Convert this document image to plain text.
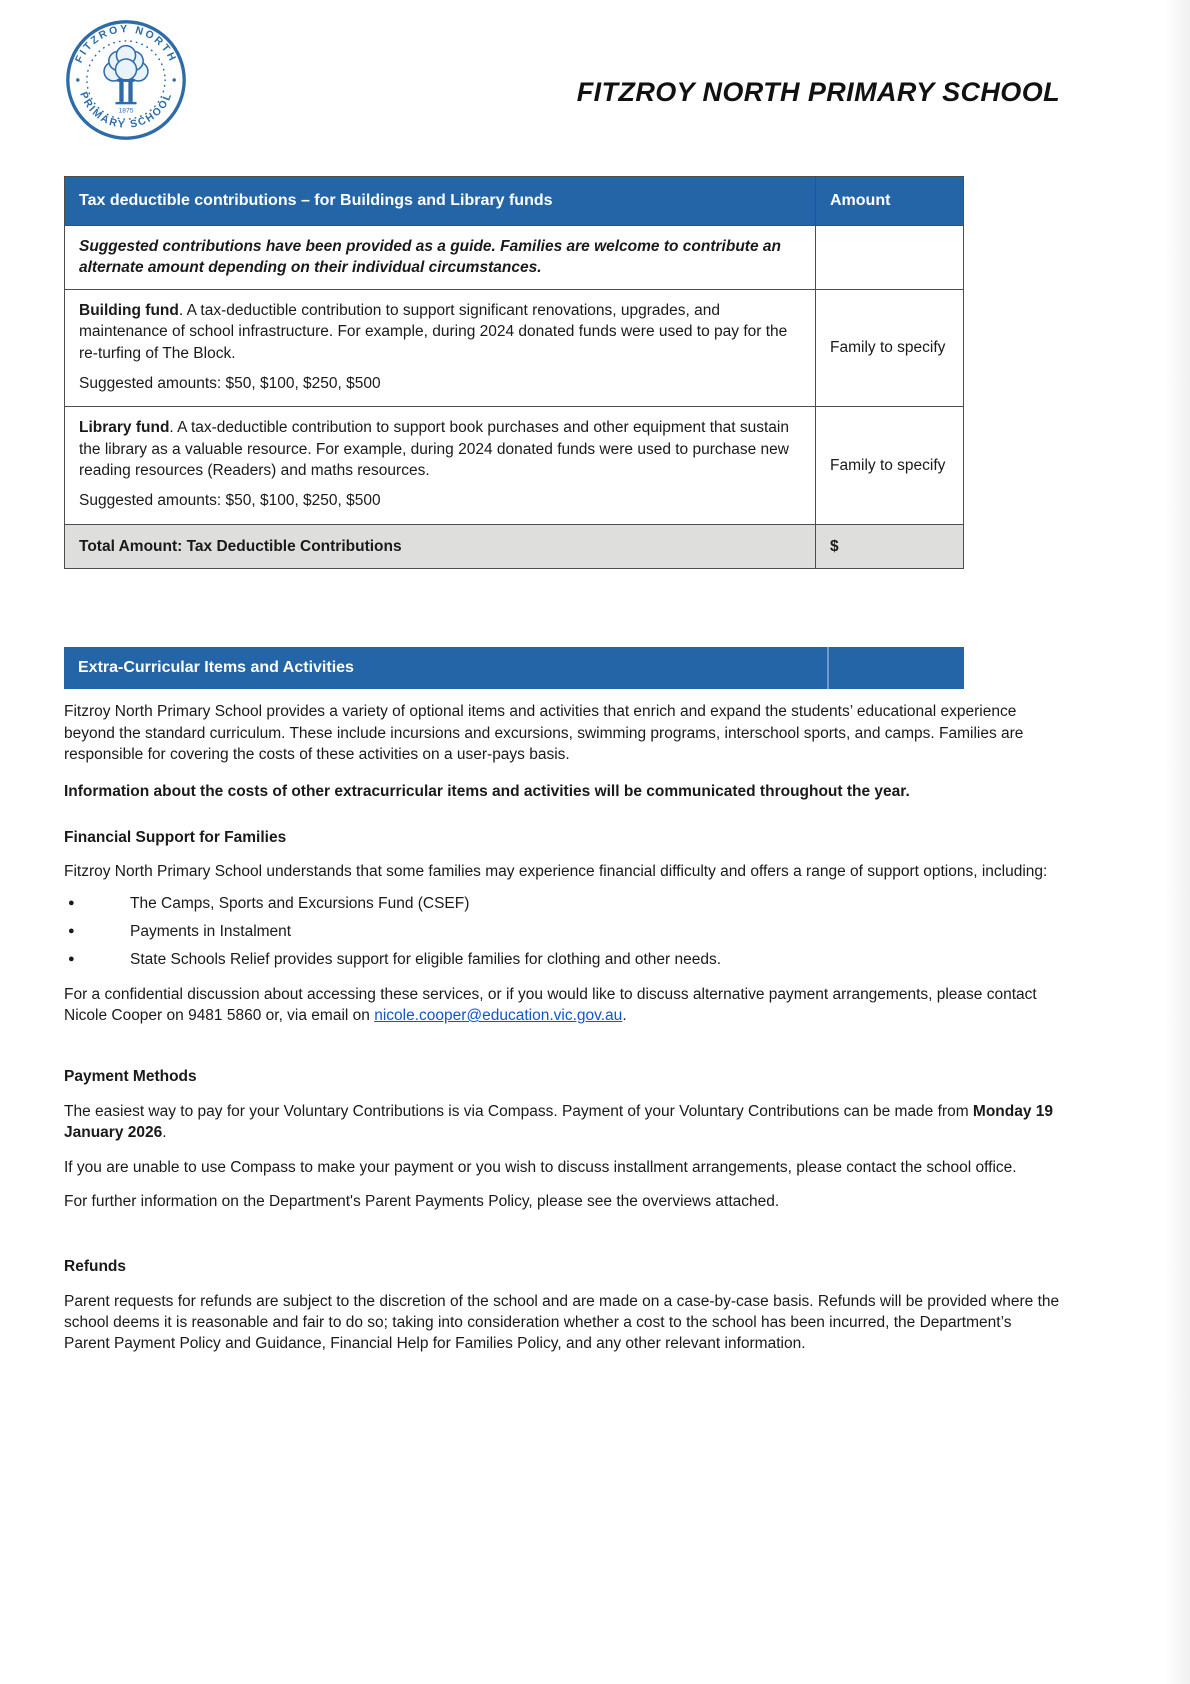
1875
FITZROY NORTH
PRIMARY SCHOOL	FITZROY NORTH PRIMARY SCHOOL
Tax deductible contributions – for Buildings and Library funds	Amount
Suggested contributions have been provided as a guide. Families are welcome to contribute an alternate amount depending on their individual circumstances.	

Building fund. A tax-deductible contribution to support significant renovations, upgrades, and maintenance of school infrastructure. For example, during 2024 donated funds were used to pay for the re-turfing of The Block.

Suggested amounts: $50, $100, $250, $500	Family to specify

Library fund. A tax-deductible contribution to support book purchases and other equipment that sustain the library as a valuable resource. For example, during 2024 donated funds were used to purchase new reading resources (Readers) and maths resources.

Suggested amounts: $50, $100, $250, $500	Family to specify
Total Amount: Tax Deductible Contributions	$
Extra-Curricular Items and Activities

Fitzroy North Primary School provides a variety of optional items and activities that enrich and expand the students’ educational experience beyond the standard curriculum. These include incursions and excursions, swimming programs, interschool sports, and camps. Families are responsible for covering the costs of these activities on a user-pays basis.

Information about the costs of other extracurricular items and activities will be communicated throughout the year.

Financial Support for Families

Fitzroy North Primary School understands that some families may experience financial difficulty and offers a range of support options, including:

● The Camps, Sports and Excursions Fund (CSEF)
● Payments in Instalment
● State Schools Relief provides support for eligible families for clothing and other needs.

For a confidential discussion about accessing these services, or if you would like to discuss alternative payment arrangements, please contact Nicole Cooper on 9481 5860 or, via email on nicole.cooper@education.vic.gov.au.

Payment Methods

The easiest way to pay for your Voluntary Contributions is via Compass. Payment of your Voluntary Contributions can be made from Monday 19 January 2026.

If you are unable to use Compass to make your payment or you wish to discuss installment arrangements, please contact the school office.

For further information on the Department's Parent Payments Policy, please see the overviews attached.

Refunds

Parent requests for refunds are subject to the discretion of the school and are made on a case-by-case basis. Refunds will be provided where the school deems it is reasonable and fair to do so; taking into consideration whether a cost to the school has been incurred, the Department’s Parent Payment Policy and Guidance, Financial Help for Families Policy, and any other relevant information.
